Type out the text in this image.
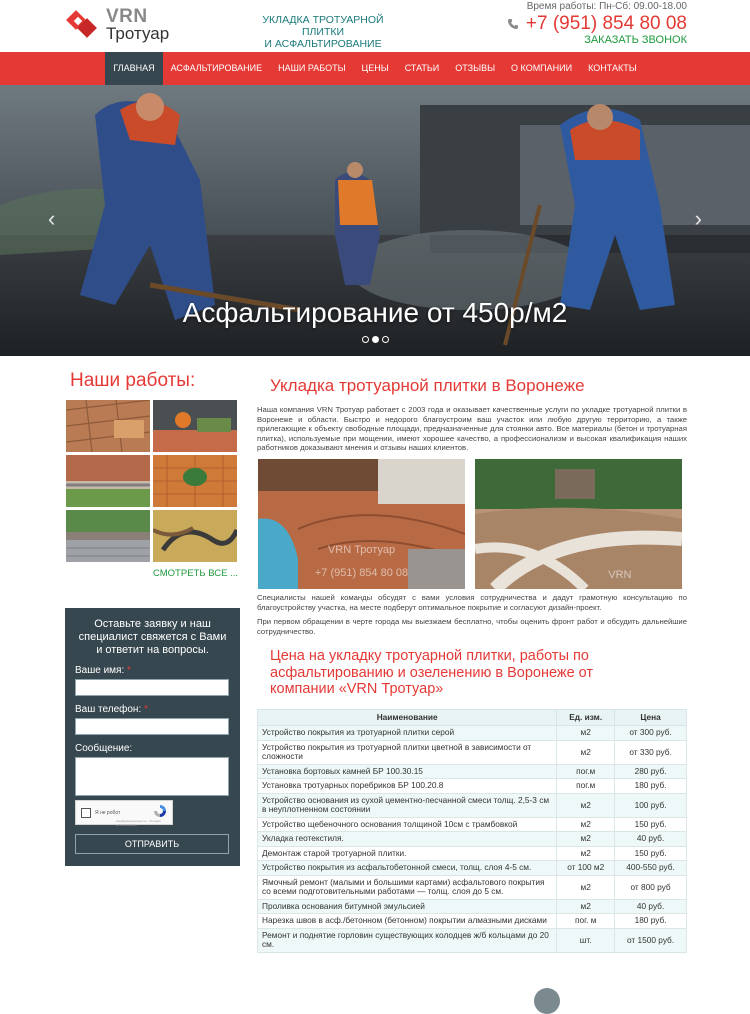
VRN
Тротуар
УКЛАДКА ТРОТУАРНОЙ ПЛИТКИ
И АСФАЛЬТИРОВАНИЕ
Время работы: Пн-Сб: 09.00-18.00
+7 (951) 854 80 08
ЗАКАЗАТЬ ЗВОНОК
ГЛАВНАЯ	АСФАЛЬТИРОВАНИЕ	НАШИ РАБОТЫ	ЦЕНЫ	СТАТЬИ	ОТЗЫВЫ	О КОМПАНИИ	КОНТАКТЫ
‹	›
Асфальтирование от 450р/м2
Наши работы:
СМОТРЕТЬ ВСЕ ...
Оставьте заявку и наш специалист свяжется с Вами и ответит на вопросы.
Ваше имя: *
Ваш телефон: *
Сообщение:
Я не робот
Конфиденциальность - Условия использования
ОТПРАВИТЬ
Укладка тротуарной плитки в Воронеже

Наша компания VRN Тротуар работает с 2003 года и оказывает качественные услуги по укладке тротуарной плитки в Воронеже и области. Быстро и недорого благоустроим ваш участок или любую другую территорию, а также прилегающие к объекту свободные площади, предназначенные для стоянки авто. Все материалы (бетон и тротуарная плитка), используемые при мощении, имеют хорошее качество, а профессионализм и высокая квалификация наших работников доказывают мнения и отзывы наших клиентов.

VRN Тротуар
+7 (951) 854 80 08	VRN

Специалисты нашей команды обсудят с вами условия сотрудничества и дадут грамотную консультацию по благоустройству участка, на месте подберут оптимальное покрытие и согласуют дизайн-проект.

При первом обращении в черте города мы выезжаем бесплатно, чтобы оценить фронт работ и обсудить дальнейшие сотрудничество.

Цена на укладку тротуарной плитки, работы по асфальтированию и озеленению в Воронеже от компании «VRN Тротуар»
Наименование	Ед. изм.	Цена
Устройство покрытия из тротуарной плитки серой	м2	от 300 руб.
Устройство покрытия из тротуарной плитки цветной в зависимости от сложности	м2	от 330 руб.
Установка бортовых камней БР 100.30.15	пог.м	280 руб.
Установка тротуарных поребриков БР 100.20.8	пог.м	180 руб.
Устройство основания из сухой цементно-песчанной смеси толщ. 2,5-3 см в неуплотненном состоянии	м2	100 руб.
Устройство щебеночного основания толщиной 10см с трамбовкой	м2	150 руб.
Укладка геотекстиля.	м2	40 руб.
Демонтаж старой тротуарной плитки.	м2	150 руб.
Устройство покрытия из асфальтобетонной смеси, толщ. слоя 4-5 см.	от 100 м2	400-550 руб.
Ямочный ремонт (малыми и большими картами) асфальтового покрытия со всеми подготовительными работами — толщ. слоя до 5 см.	м2	от 800 руб
Проливка основания битумной эмульсией	м2	40 руб.
Нарезка швов в асф./бетонном (бетонном) покрытии алмазными дисками	пог. м	180 руб.
Ремонт и поднятие горловин существующих колодцев ж/б кольцами до 20 см.	шт.	от 1500 руб.
